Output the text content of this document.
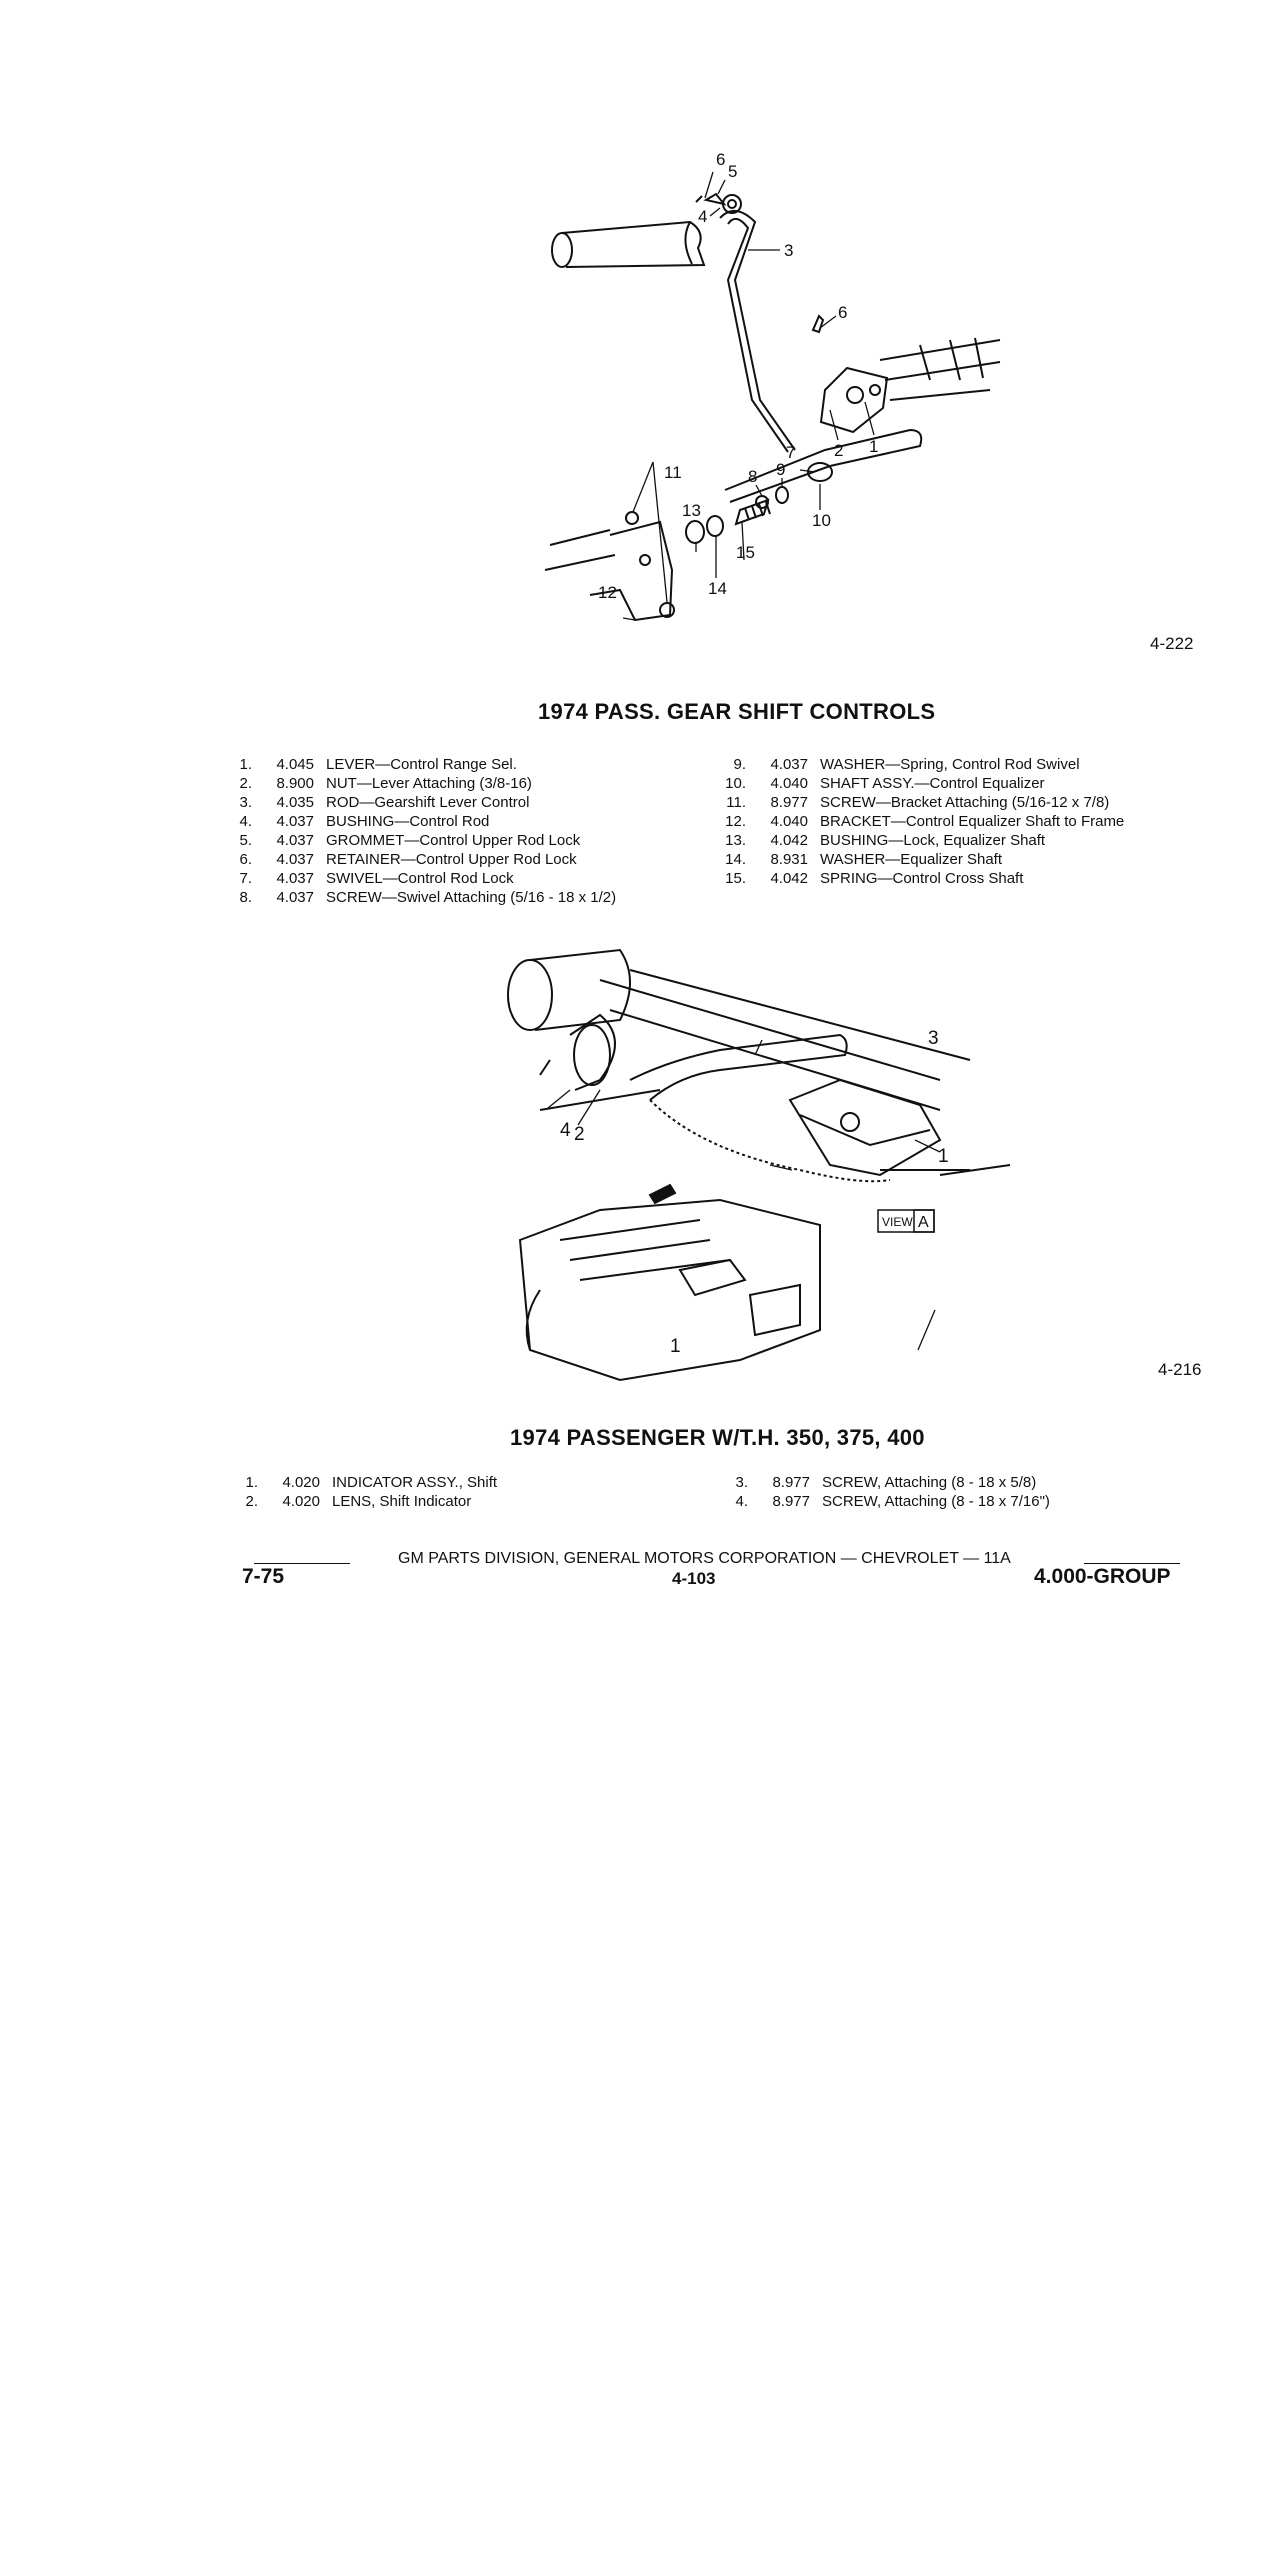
6
5
4
3
6
2 1
7
8 9
10
11
12
13
14
15
4-222
1974 PASS. GEAR SHIFT CONTROLS
1.	4.045 LEVER—Control Range Sel.
2.	8.900 NUT—Lever Attaching (3/8-16)
3.	4.035 ROD—Gearshift Lever Control
4.	4.037 BUSHING—Control Rod
5.	4.037 GROMMET—Control Upper Rod Lock
6.	4.037 RETAINER—Control Upper Rod Lock
7.	4.037 SWIVEL—Control Rod Lock
8.	4.037 SCREW—Swivel Attaching (5/16 - 18 x 1/2)
9.	4.037 WASHER—Spring, Control Rod Swivel
10.	4.040 SHAFT ASSY.—Control Equalizer
11.	8.977 SCREW—Bracket Attaching (5/16-12 x 7/8)
12.	4.040 BRACKET—Control Equalizer Shaft to Frame
13.	4.042 BUSHING—Lock, Equalizer Shaft
14.	8.931 WASHER—Equalizer Shaft
15.	4.042 SPRING—Control Cross Shaft
VIEW A
3
1
4 2
1
4-216
1974 PASSENGER W/T.H. 350, 375, 400
1.	4.020 INDICATOR ASSY., Shift
2.	4.020 LENS, Shift Indicator
3.	8.977 SCREW, Attaching (8 - 18 x 5/8)
4.	8.977 SCREW, Attaching (8 - 18 x 7/16")
GM PARTS DIVISION, GENERAL MOTORS CORPORATION — CHEVROLET — 11A
7-75	4-103	4.000-GROUP
